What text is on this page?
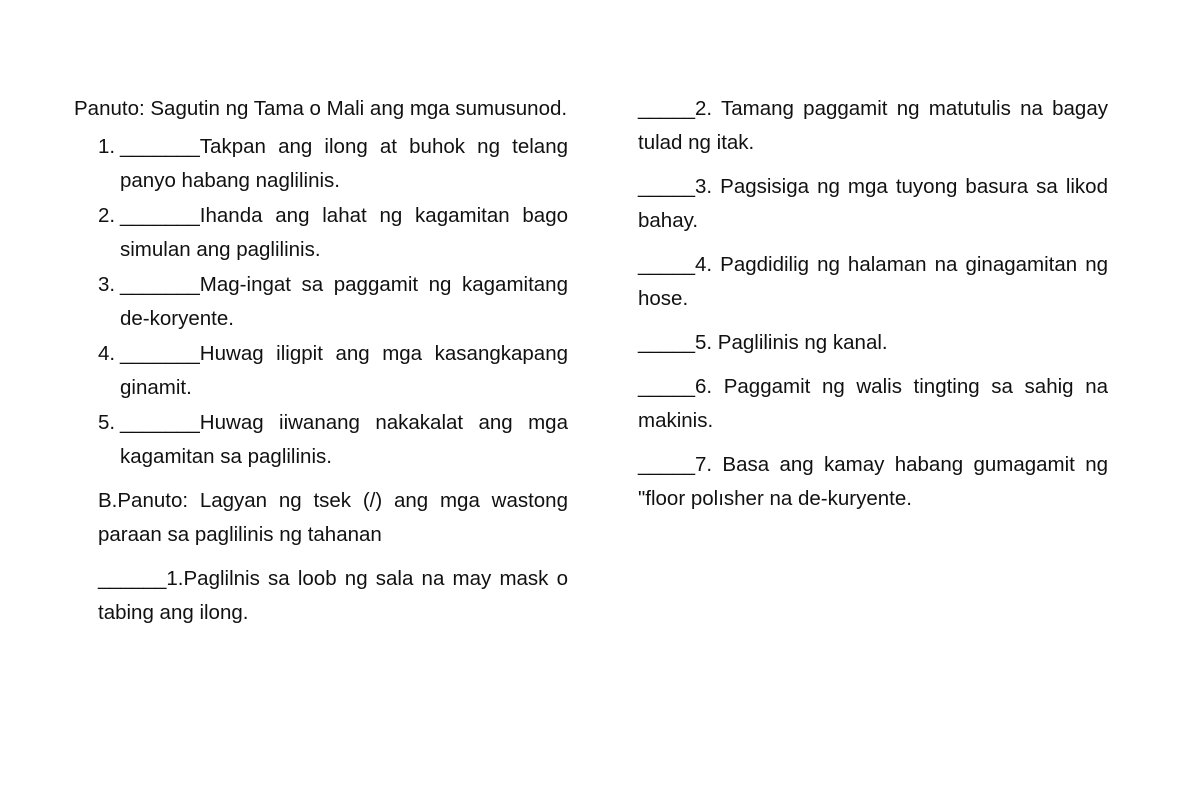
Panuto: Sagutin ng Tama o Mali ang mga sumusunod.

1. _______Takpan ang ilong at buhok ng telang panyo habang naglilinis.
2. _______Ihanda ang lahat ng kagamitan bago simulan ang paglilinis.
3. _______Mag-ingat sa paggamit ng kagamitang de-koryente.
4. _______Huwag iligpit ang mga kasangkapang ginamit.
5. _______Huwag iiwanang nakakalat ang mga kagamitan sa paglilinis.

B.Panuto: Lagyan ng tsek (/) ang mga wastong paraan sa paglilinis ng tahanan

______1.Paglilnis sa loob ng sala na may mask o tabing ang ilong.

_____2. Tamang paggamit ng matutulis na bagay tulad ng itak.

_____3. Pagsisiga ng mga tuyong basura sa likod bahay.

_____4. Pagdidilig ng halaman na ginagamitan ng hose.

_____5. Paglilinis ng kanal.

_____6. Paggamit ng walis tingting sa sahig na makinis.

_____7. Basa ang kamay habang gumagamit ng "floor polısher na de-kuryente.
